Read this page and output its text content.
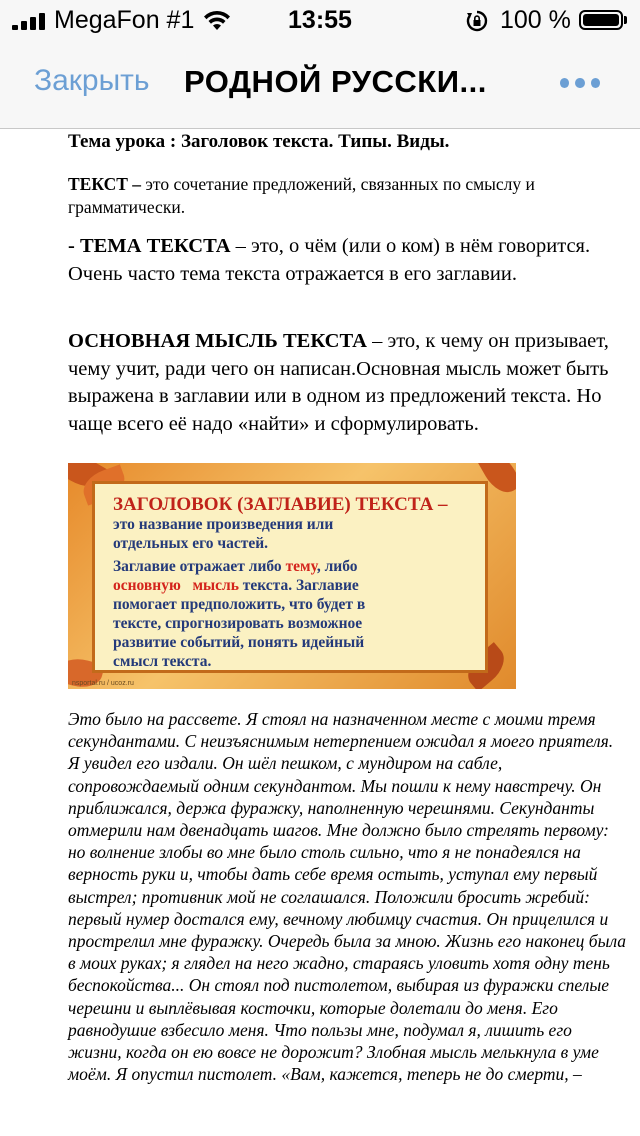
MegaFon #1	13:55	100 %
Закрыть РОДНОЙ РУССКИ...
Тема урока : Заголовок текста. Типы. Виды.
ТЕКСТ – это сочетание предложений, связанных по смыслу и грамматически.
- ТЕМА ТЕКСТА – это, о чём (или о ком) в нём говорится. Очень часто тема текста отражается в его заглавии.
ОСНОВНАЯ МЫСЛЬ ТЕКСТА – это, к чему он призывает, чему учит, ради чего он написан.Основная мысль может быть выражена в заглавии или в одном из предложений текста. Но чаще всего её надо «найти» и сформулировать.
ЗАГОЛОВОК (ЗАГЛАВИЕ) ТЕКСТА –
это название произведения или
отдельных его частей.
Заглавие отражает либо тему, либо
основную мысль текста. Заглавие
помогает предположить, что будет в
тексте, спрогнозировать возможное
развитие событий, понять идейный
смысл текста.
nsportal.ru / ucoz.ru
Это было на рассвете. Я стоял на назначенном месте с моими тремя секундантами. С неизъяснимым нетерпением ожидал я моего приятеля. Я увидел его издали. Он шёл пешком, с мундиром на сабле, сопровождаемый одним секундантом. Мы пошли к нему навстречу. Он приближался, держа фуражку, наполненную черешнями. Секунданты отмерили нам двенадцать шагов. Мне должно было стрелять первому: но волнение злобы во мне было столь сильно, что я не понадеялся на верность руки и, чтобы дать себе время остыть, уступал ему первый выстрел; противник мой не соглашался. Положили бросить жребий: первый нумер достался ему, вечному любимцу счастия. Он прицелился и прострелил мне фуражку. Очередь была за мною. Жизнь его наконец была в моих руках; я глядел на него жадно, стараясь уловить хотя одну тень беспокойства... Он стоял под пистолетом, выбирая из фуражки спелые черешни и выплёвывая косточки, которые долетали до меня. Его равнодушие взбесило меня. Что пользы мне, подумал я, лишить его жизни, когда он ею вовсе не дорожит? Злобная мысль мелькнула в уме моём. Я опустил пистолет. «Вам, кажется, теперь не до смерти, –
